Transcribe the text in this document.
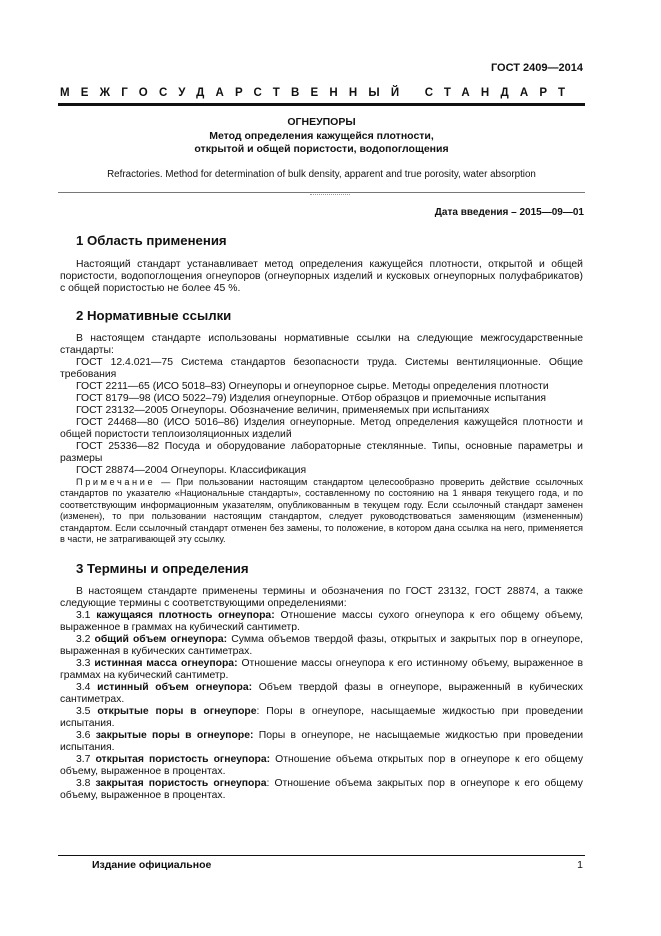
ГОСТ 2409—2014
МЕЖГОСУДАРСТВЕННЫЙ СТАНДАРТ
ОГНЕУПОРЫ
Метод определения кажущейся плотности,
открытой и общей пористости, водопоглощения
Refractories. Method for determination of bulk density, apparent and true porosity, water absorption
Дата введения – 2015—09—01
1 Область применения

Настоящий стандарт устанавливает метод определения кажущейся плотности, открытой и общей пористости, водопоглощения огнеупоров (огнеупорных изделий и кусковых огнеупорных полуфабрикатов) с общей пористостью не более 45 %.

2 Нормативные ссылки

В настоящем стандарте использованы нормативные ссылки на следующие межгосударственные стандарты:

ГОСТ 12.4.021—75 Система стандартов безопасности труда. Системы вентиляционные. Общие требования

ГОСТ 2211—65 (ИСО 5018–83) Огнеупоры и огнеупорное сырье. Методы определения плотности

ГОСТ 8179—98 (ИСО 5022–79) Изделия огнеупорные. Отбор образцов и приемочные испытания

ГОСТ 23132—2005 Огнеупоры. Обозначение величин, применяемых при испытаниях

ГОСТ 24468—80 (ИСО 5016–86) Изделия огнеупорные. Метод определения кажущейся плотности и общей пористости теплоизоляционных изделий

ГОСТ 25336—82 Посуда и оборудование лабораторные стеклянные. Типы, основные параметры и размеры

ГОСТ 28874—2004 Огнеупоры. Классификация

Примечание — При пользовании настоящим стандартом целесообразно проверить действие ссылочных стандартов по указателю «Национальные стандарты», составленному по состоянию на 1 января текущего года, и по соответствующим информационным указателям, опубликованным в текущем году. Если ссылочный стандарт заменен (изменен), то при пользовании настоящим стандартом, следует руководствоваться заменяющим (измененным) стандартом. Если ссылочный стандарт отменен без замены, то положение, в котором дана ссылка на него, применяется в части, не затрагивающей эту ссылку.

3 Термины и определения

В настоящем стандарте применены термины и обозначения по ГОСТ 23132, ГОСТ 28874, а также следующие термины с соответствующими определениями:

3.1 кажущаяся плотность огнеупора: Отношение массы сухого огнеупора к его общему объему, выраженное в граммах на кубический сантиметр.

3.2 общий объем огнеупора: Сумма объемов твердой фазы, открытых и закрытых пор в огнеупоре, выраженная в кубических сантиметрах.

3.3 истинная масса огнеупора: Отношение массы огнеупора к его истинному объему, выраженное в граммах на кубический сантиметр.

3.4 истинный объем огнеупора: Объем твердой фазы в огнеупоре, выраженный в кубических сантиметрах.

3.5 открытые поры в огнеупоре: Поры в огнеупоре, насыщаемые жидкостью при проведении испытания.

3.6 закрытые поры в огнеупоре: Поры в огнеупоре, не насыщаемые жидкостью при проведении испытания.

3.7 открытая пористость огнеупора: Отношение объема открытых пор в огнеупоре к его общему объему, выраженное в процентах.

3.8 закрытая пористость огнеупора: Отношение объема закрытых пор в огнеупоре к его общему объему, выраженное в процентах.

Издание официальное	1
